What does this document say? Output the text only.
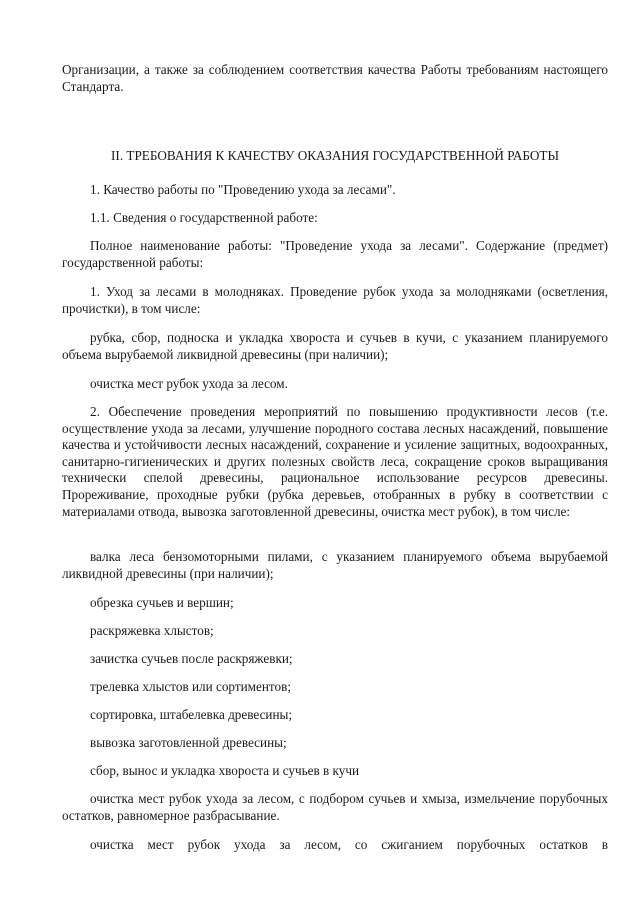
Организации, а также за соблюдением соответствия качества Работы требованиям настоящего Стандарта.

II. ТРЕБОВАНИЯ К КАЧЕСТВУ ОКАЗАНИЯ ГОСУДАРСТВЕННОЙ РАБОТЫ

1. Качество работы по "Проведению ухода за лесами".

1.1. Сведения о государственной работе:

Полное наименование работы: "Проведение ухода за лесами". Содержание (предмет) государственной работы:

1. Уход за лесами в молодняках. Проведение рубок ухода за молодняками (осветления, прочистки), в том числе:

рубка, сбор, подноска и укладка хвороста и сучьев в кучи, с указанием планируемого объема вырубаемой ликвидной древесины (при наличии);

очистка мест рубок ухода за лесом.

2. Обеспечение проведения мероприятий по повышению продуктивности лесов (т.е. осуществление ухода за лесами, улучшение породного состава лесных насаждений, повышение качества и устойчивости лесных насаждений, сохранение и усиление защитных, водоохранных, санитарно-гигиенических и других полезных свойств леса, сокращение сроков выращивания технически спелой древесины, рациональное использование ресурсов древесины. Прореживание, проходные рубки (рубка деревьев, отобранных в рубку в соответствии с материалами отвода, вывозка заготовленной древесины, очистка мест рубок), в том числе:

валка леса бензомоторными пилами, с указанием планируемого объема вырубаемой ликвидной древесины (при наличии);

обрезка сучьев и вершин;

раскряжевка хлыстов;

зачистка сучьев после раскряжевки;

трелевка хлыстов или сортиментов;

сортировка, штабелевка древесины;

вывозка заготовленной древесины;

сбор, вынос и укладка хвороста и сучьев в кучи

очистка мест рубок ухода за лесом, с подбором сучьев и хмыза, измельчение порубочных остатков, равномерное разбрасывание.

очистка мест рубок ухода за лесом, со сжиганием порубочных остатков в
